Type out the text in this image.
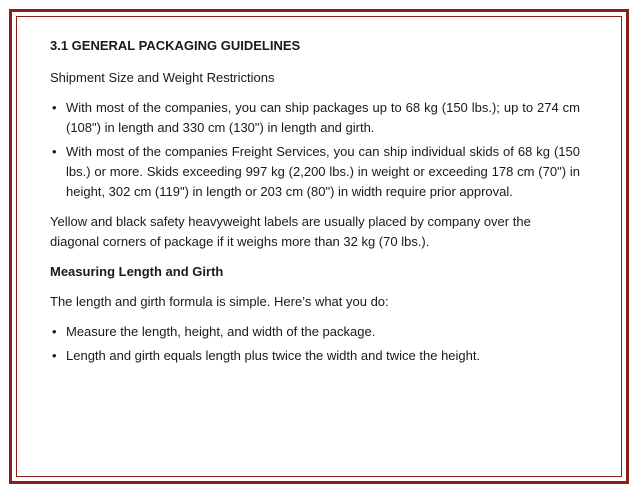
3.1 GENERAL PACKAGING GUIDELINES
Shipment Size and Weight Restrictions
• With most of the companies, you can ship packages up to 68 kg (150 lbs.); up to 274 cm (108") in length and 330 cm (130") in length and girth.
• With most of the companies Freight Services, you can ship individual skids of 68 kg (150 lbs.) or more. Skids exceeding 997 kg (2,200 lbs.) in weight or exceeding 178 cm (70") in height, 302 cm (119") in length or 203 cm (80") in width require prior approval.
Yellow and black safety heavyweight labels are usually placed by company over the diagonal corners of package if it weighs more than 32 kg (70 lbs.).
Measuring Length and Girth
The length and girth formula is simple. Here’s what you do:
• Measure the length, height, and width of the package.
• Length and girth equals length plus twice the width and twice the height.
